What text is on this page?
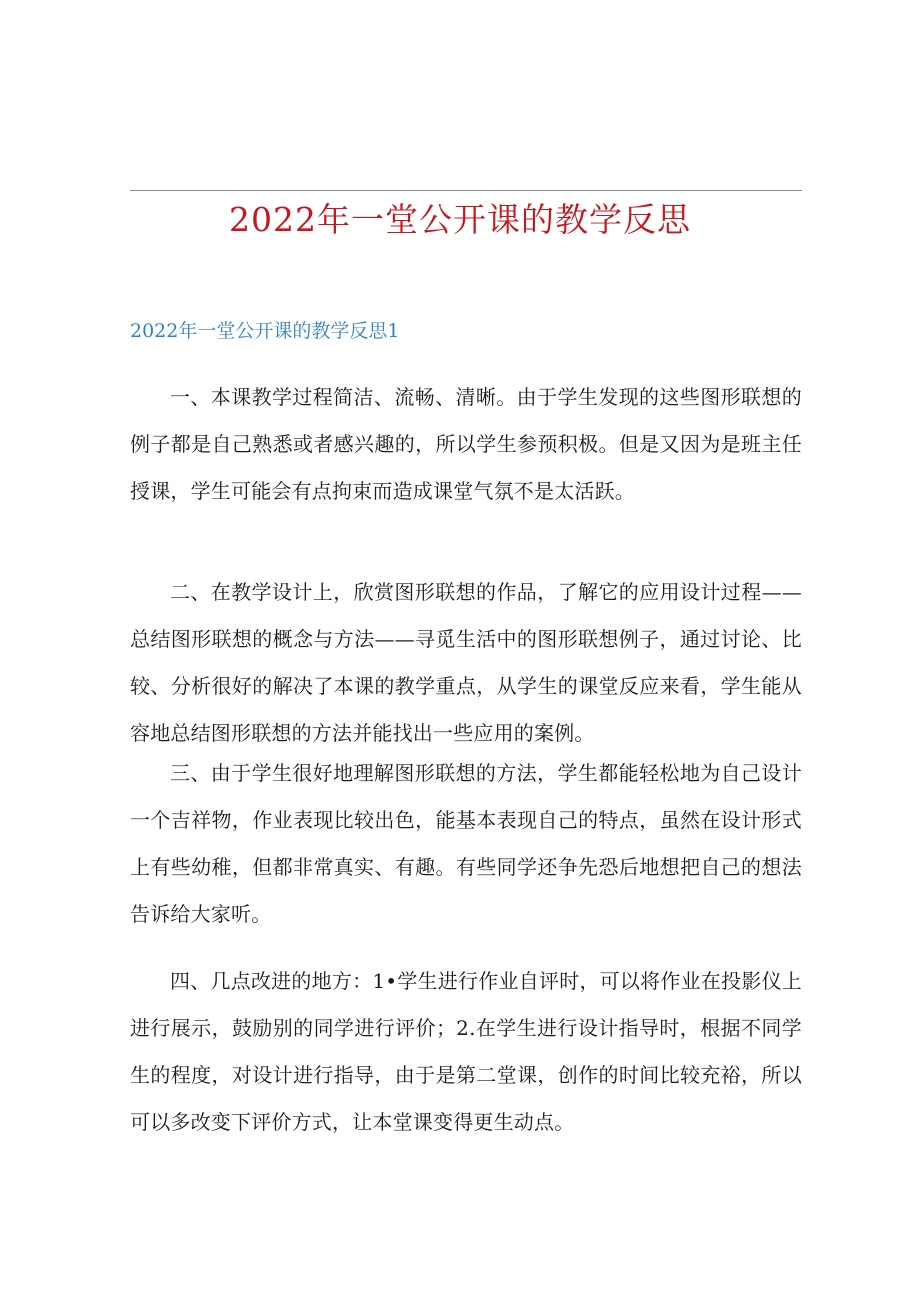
2022年一堂公开课的教学反思

2022年一堂公开课的教学反思1

一、本课教学过程简洁、流畅、清晰。由于学生发现的这些图形联想的例子都是自己熟悉或者感兴趣的，所以学生参预积极。但是又因为是班主任授课，学生可能会有点拘束而造成课堂气氛不是太活跃。

二、在教学设计上，欣赏图形联想的作品，了解它的应用设计过程——总结图形联想的概念与方法——寻觅生活中的图形联想例子，通过讨论、比较、分析很好的解决了本课的教学重点，从学生的课堂反应来看，学生能从容地总结图形联想的方法并能找出一些应用的案例。

三、由于学生很好地理解图形联想的方法，学生都能轻松地为自己设计一个吉祥物，作业表现比较出色，能基本表现自己的特点，虽然在设计形式上有些幼稚，但都非常真实、有趣。有些同学还争先恐后地想把自己的想法告诉给大家听。

四、几点改进的地方：1•学生进行作业自评时，可以将作业在投影仪上进行展示，鼓励别的同学进行评价；2.在学生进行设计指导时，根据不同学生的程度，对设计进行指导，由于是第二堂课，创作的时间比较充裕，所以可以多改变下评价方式，让本堂课变得更生动点。
